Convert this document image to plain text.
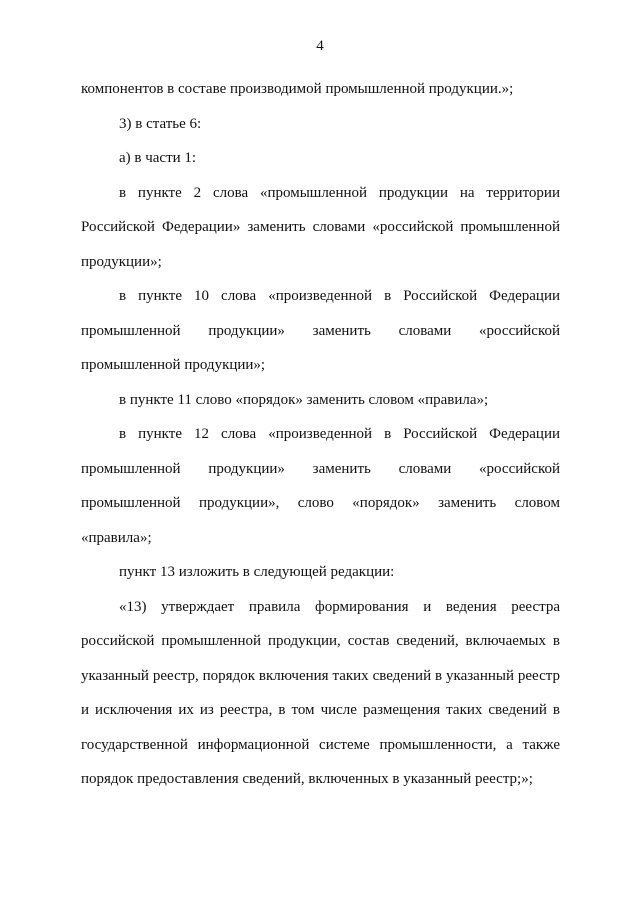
4

компонентов в составе производимой промышленной продукции.»;

3) в статье 6:

а) в части 1:

в пункте 2 слова «промышленной продукции на территории Российской Федерации» заменить словами «российской промышленной продукции»;

в пункте 10 слова «произведенной в Российской Федерации промышленной продукции» заменить словами «российской промышленной продукции»;

в пункте 11 слово «порядок» заменить словом «правила»;

в пункте 12 слова «произведенной в Российской Федерации промышленной продукции» заменить словами «российской промышленной продукции», слово «порядок» заменить словом «правила»;

пункт 13 изложить в следующей редакции:

«13) утверждает правила формирования и ведения реестра российской промышленной продукции, состав сведений, включаемых в указанный реестр, порядок включения таких сведений в указанный реестр и исключения их из реестра, в том числе размещения таких сведений в государственной информационной системе промышленности, а также порядок предоставления сведений, включенных в указанный реестр;»;
